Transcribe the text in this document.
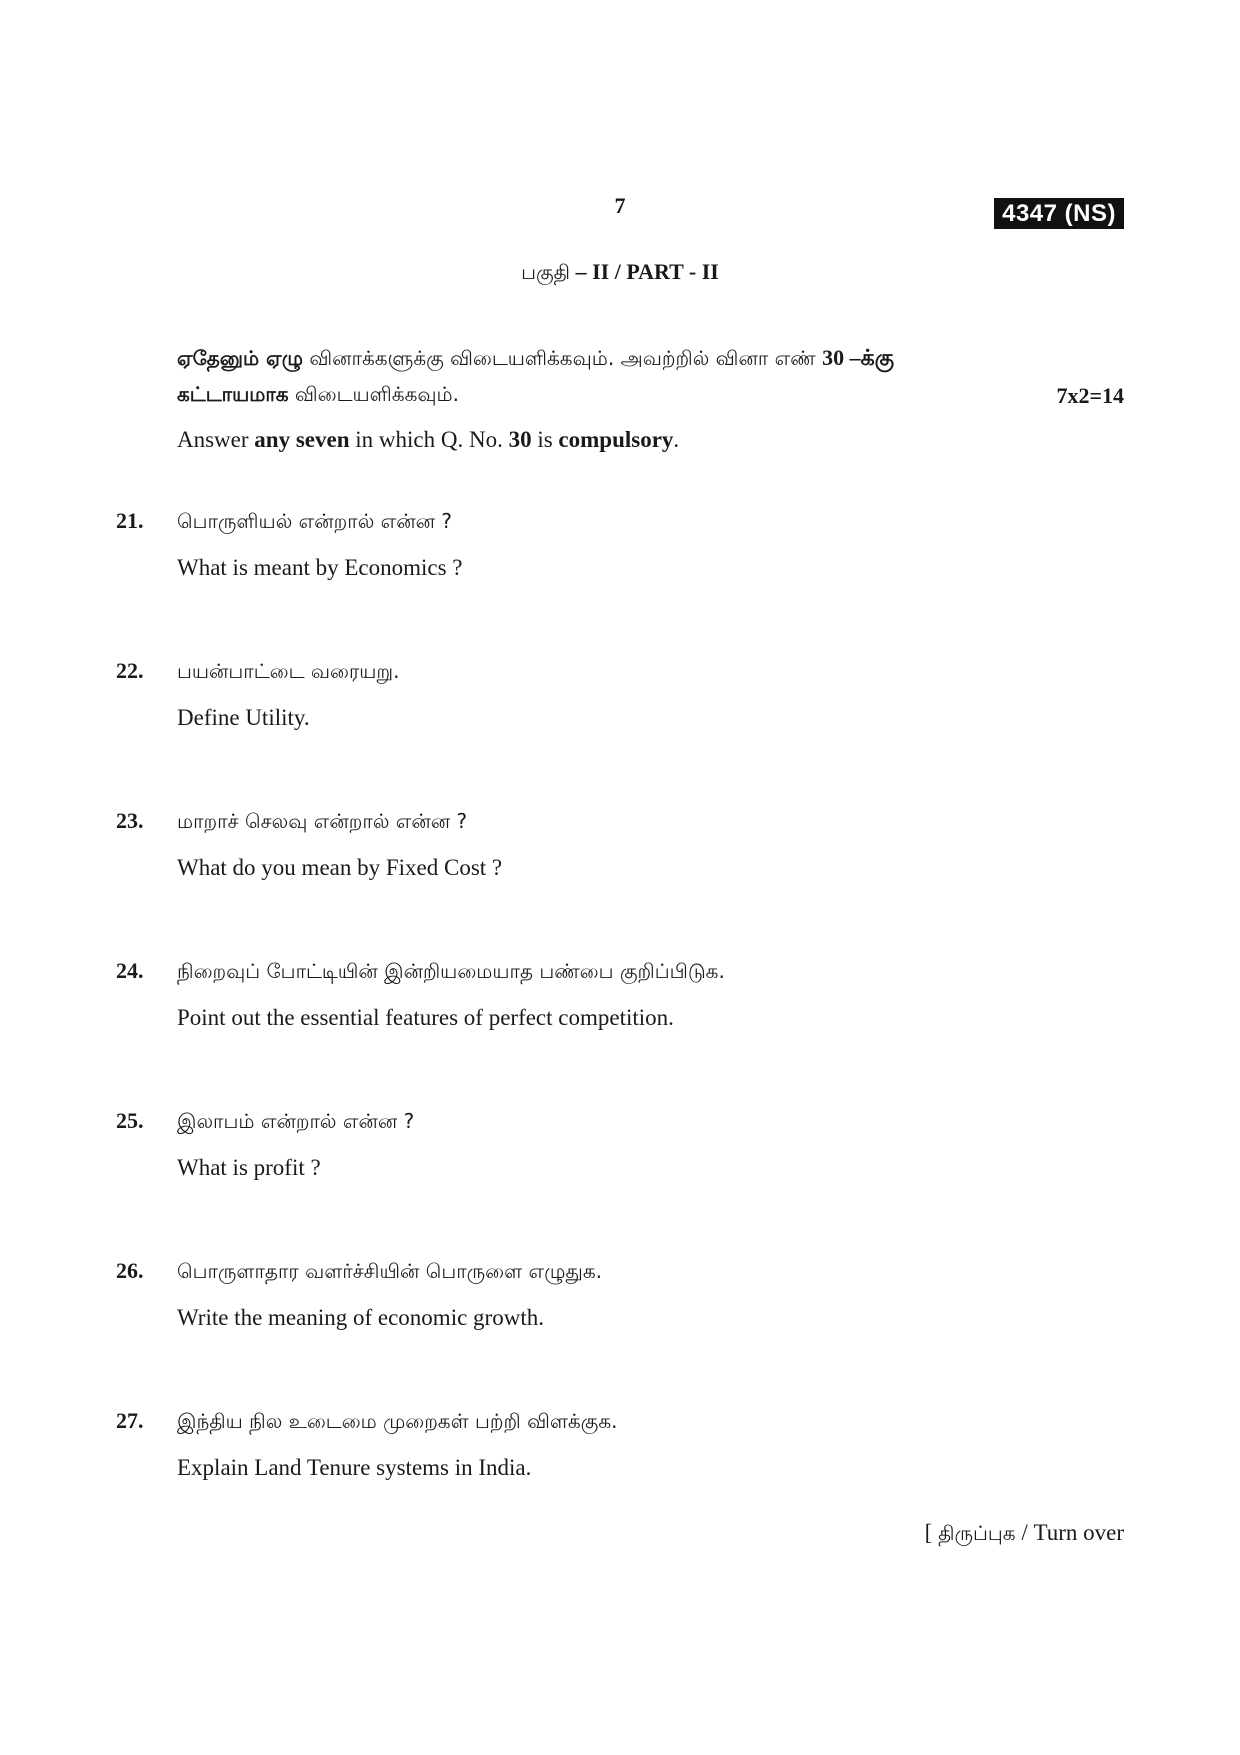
7	4347 (NS)
பகுதி – II / PART - II
ஏதேனும் ஏழு வினாக்களுக்கு விடையளிக்கவும். அவற்றில் வினா எண் 30 –க்கு
கட்டாயமாக விடையளிக்கவும்.	7x2=14
Answer any seven in which Q. No. 30 is compulsory.
21. பொருளியல் என்றால் என்ன ?
What is meant by Economics ?
22. பயன்பாட்டை வரையறு.
Define Utility.
23. மாறாச் செலவு என்றால் என்ன ?
What do you mean by Fixed Cost ?
24. நிறைவுப் போட்டியின் இன்றியமையாத பண்பை குறிப்பிடுக.
Point out the essential features of perfect competition.
25. இலாபம் என்றால் என்ன ?
What is profit ?
26. பொருளாதார வளர்ச்சியின் பொருளை எழுதுக.
Write the meaning of economic growth.
27. இந்திய நில உடைமை முறைகள் பற்றி விளக்குக.
Explain Land Tenure systems in India.
[ திருப்புக / Turn over
